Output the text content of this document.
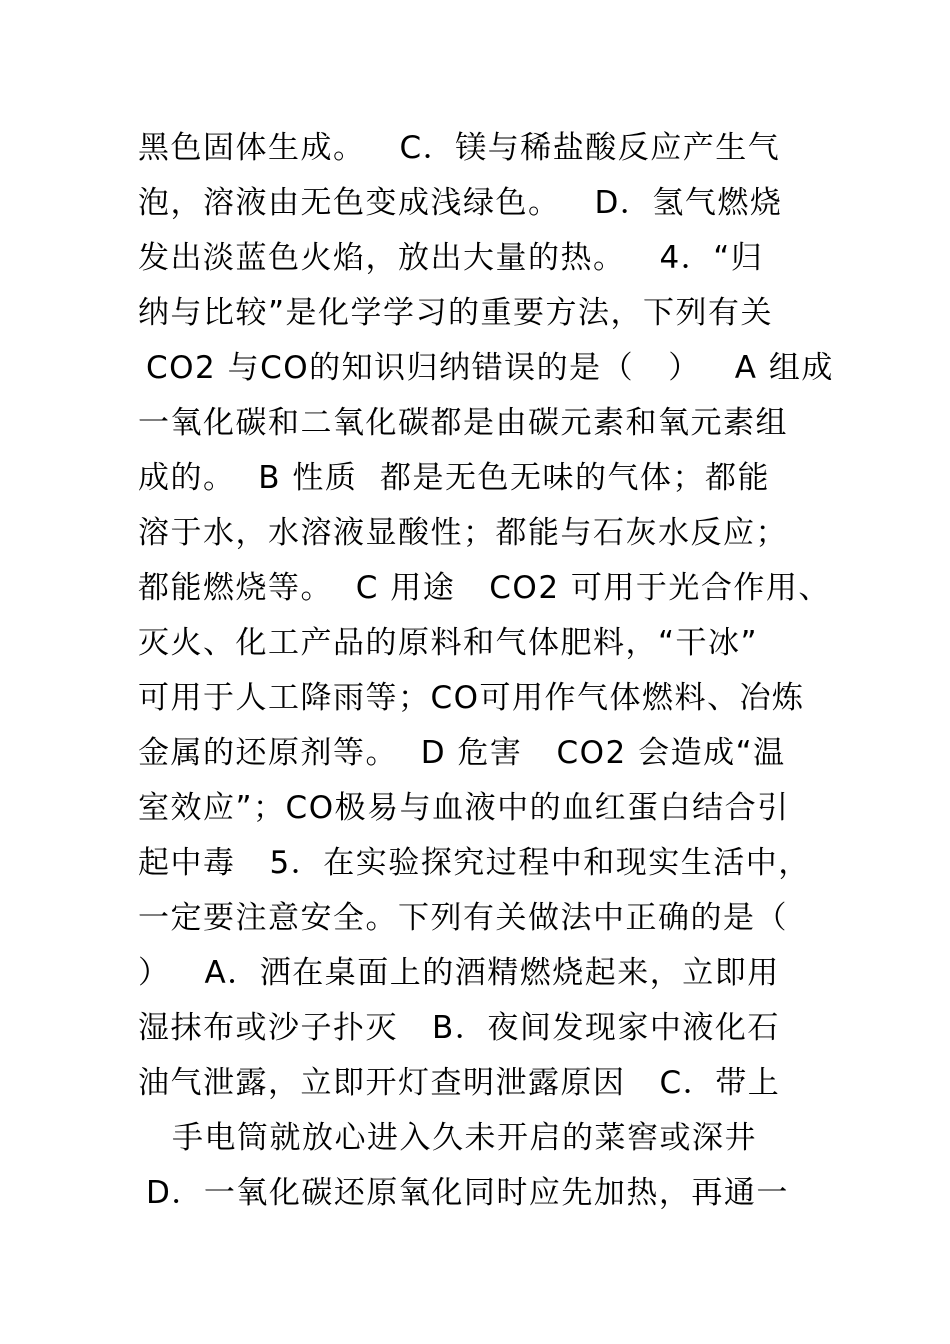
黑色固体生成。   C．镁与稀盐酸反应产生气
泡，溶液由无色变成浅绿色。   D．氢气燃烧
发出淡蓝色火焰，放出大量的热。   4．“归
纳与比较”是化学学习的重要方法，下列有关
CO2 与CO的知识归纳错误的是（   ）   A 组成
一氧化碳和二氧化碳都是由碳元素和氧元素组
成的。  B 性质  都是无色无味的气体；都能
溶于水，水溶液显酸性；都能与石灰水反应；
都能燃烧等。  C 用途   CO2 可用于光合作用、
灭火、化工产品的原料和气体肥料，“干冰”
可用于人工降雨等；CO可用作气体燃料、冶炼
金属的还原剂等。  D 危害   CO2 会造成“温
室效应”；CO极易与血液中的血红蛋白结合引
起中毒   5．在实验探究过程中和现实生活中，
一定要注意安全。下列有关做法中正确的是（
）   A．洒在桌面上的酒精燃烧起来，立即用
湿抹布或沙子扑灭   B．夜间发现家中液化石
油气泄露，立即开灯查明泄露原因   C．带上
手电筒就放心进入久未开启的菜窖或深井
D．一氧化碳还原氧化同时应先加热，再通一
